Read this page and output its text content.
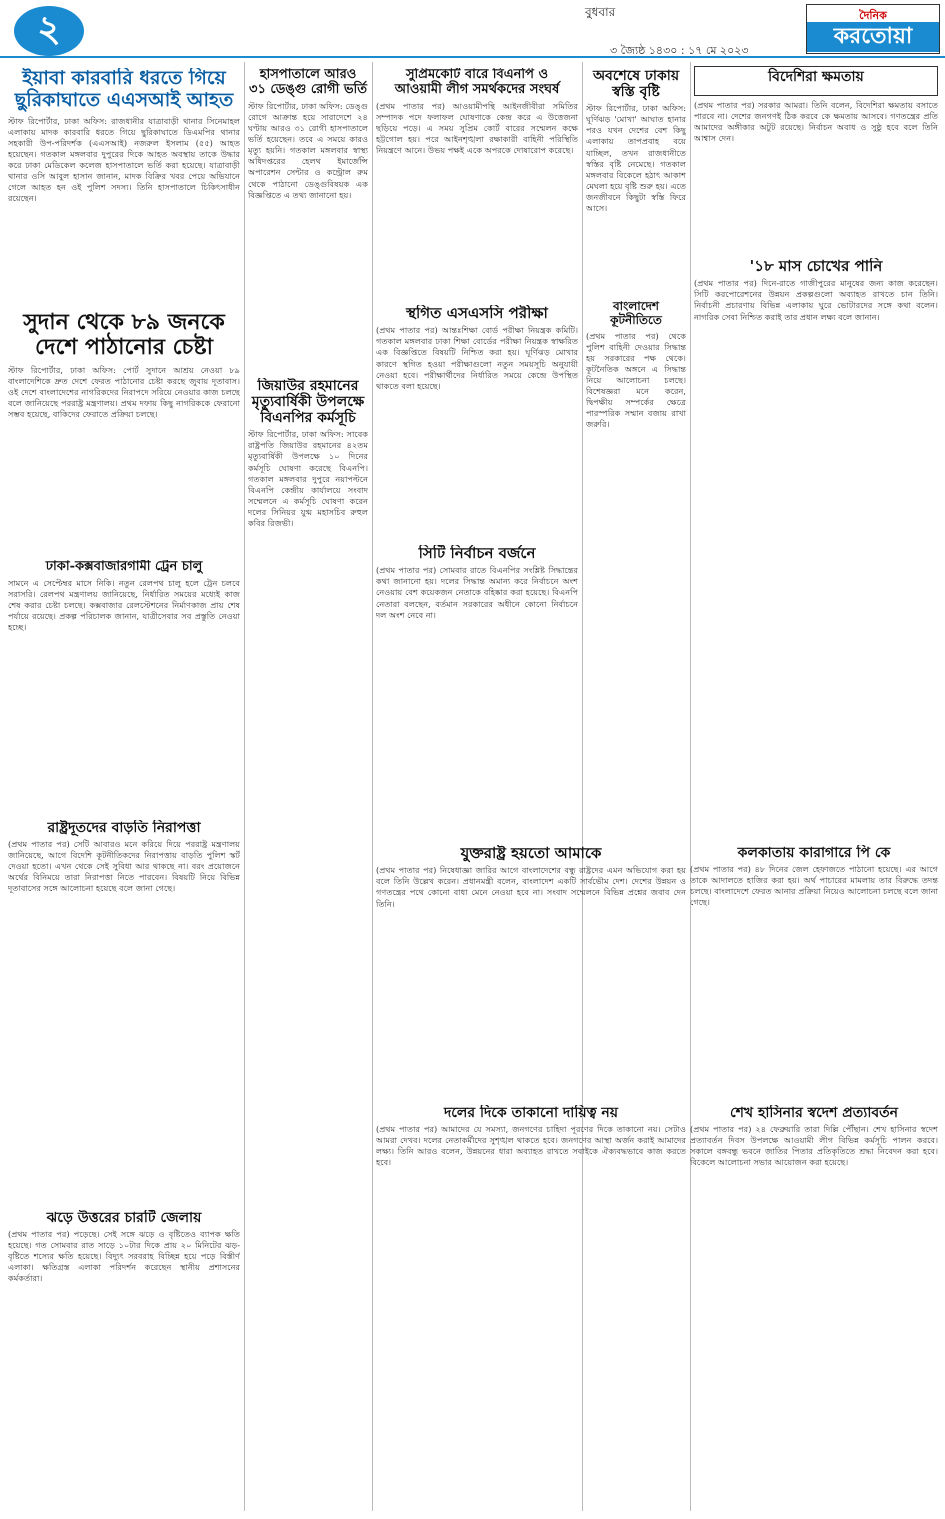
২	বুধবার
৩ জ্যৈষ্ঠ ১৪৩০ : ১৭ মে ২০২৩
দৈনিক
করতোয়া
ইয়াবা কারবারি ধরতে গিয়ে
ছুরিকাঘাতে এএসআই আহত
স্টাফ রিপোর্টার, ঢাকা অফিস: রাজধানীর যাত্রাবাড়ী থানার সিনেমাহল এলাকায় মাদক কারবারি ধরতে গিয়ে ছুরিকাঘাতে ডিএমপির থানার সহকারী উপ-পরিদর্শক (এএসআই) নজরুল ইসলাম (৫৫) আহত হয়েছেন। গতকাল মঙ্গলবার দুপুরের দিকে আহত অবস্থায় তাকে উদ্ধার করে ঢাকা মেডিকেল কলেজ হাসপাতালে ভর্তি করা হয়েছে। যাত্রাবাড়ী থানার ওসি আবুল হাসান জানান, মাদক বিক্রির খবর পেয়ে অভিযানে গেলে আহত হন ওই পুলিশ সদস্য। তিনি হাসপাতালে চিকিৎসাধীন রয়েছেন।
সুদান থেকে ৮৯ জনকে
দেশে পাঠানোর চেষ্টা
স্টাফ রিপোর্টার, ঢাকা অফিস: পোর্ট সুদানে আশ্রয় নেওয়া ৮৯ বাংলাদেশিকে দ্রুত দেশে ফেরত পাঠানোর চেষ্টা করছে জুবায় দূতাবাস। ওই দেশে বাংলাদেশের নাগরিকদের নিরাপদে সরিয়ে নেওয়ার কাজ চলছে বলে জানিয়েছে পররাষ্ট্র মন্ত্রণালয়। প্রথম দফায় কিছু নাগরিককে ফেরানো সম্ভব হয়েছে, বাকিদের ফেরাতে প্রক্রিয়া চলছে।
ঢাকা-কক্সবাজারগামী ট্রেন চালু
সামনে এ সেপ্টেম্বর মাসে নিকি। নতুন রেলপথ চালু হলে ট্রেন চলবে সরাসরি। রেলপথ মন্ত্রণালয় জানিয়েছে, নির্ধারিত সময়ের মধ্যেই কাজ শেষ করার চেষ্টা চলছে। কক্সবাজার রেলস্টেশনের নির্মাণকাজ প্রায় শেষ পর্যায়ে রয়েছে। প্রকল্প পরিচালক জানান, যাত্রীসেবার সব প্রস্তুতি নেওয়া হচ্ছে।
রাষ্ট্রদূতদের বাড়তি নিরাপত্তা
(প্রথম পাতার পর) সেটি আবারও মনে করিয়ে দিয়ে পররাষ্ট্র মন্ত্রণালয় জানিয়েছে, আগে বিদেশি কূটনীতিকদের নিরাপত্তায় বাড়তি পুলিশ স্কর্ট দেওয়া হতো। এখন থেকে সেই সুবিধা আর থাকছে না। বরং প্রয়োজনে অর্থের বিনিময়ে তারা নিরাপত্তা নিতে পারবেন। বিষয়টি নিয়ে বিভিন্ন দূতাবাসের সঙ্গে আলোচনা হয়েছে বলে জানা গেছে।
ঝড়ে উত্তরের চারটি জেলায়
(প্রথম পাতার পর) পড়েছে। সেই সঙ্গে ঝড়ে ও বৃষ্টিতেও ব্যাপক ক্ষতি হয়েছে। গত সোমবার রাত সাড়ে ১০টার দিকে প্রায় ২০ মিনিটের ঝড়-বৃষ্টিতে শস্যের ক্ষতি হয়েছে। বিদ্যুৎ সরবরাহ বিচ্ছিন্ন হয়ে পড়ে বিস্তীর্ণ এলাকা। ক্ষতিগ্রস্ত এলাকা পরিদর্শন করেছেন স্থানীয় প্রশাসনের কর্মকর্তারা।
হাসপাতালে আরও
৩১ ডেঙ্গু রোগী ভর্তি
স্টাফ রিপোর্টার, ঢাকা অফিস: ডেঙ্গু রোগে আক্রান্ত হয়ে সারাদেশে ২৪ ঘণ্টায় আরও ৩১ রোগী হাসপাতালে ভর্তি হয়েছেন। তবে এ সময়ে কারও মৃত্যু হয়নি। গতকাল মঙ্গলবার স্বাস্থ্য অধিদপ্তরের হেলথ ইমার্জেন্সি অপারেশন সেন্টার ও কন্ট্রোল রুম থেকে পাঠানো ডেঙ্গুবিষয়ক এক বিজ্ঞপ্তিতে এ তথ্য জানানো হয়।
জিয়াউর রহমানের
মৃত্যুবার্ষিকী উপলক্ষে
বিএনপির কর্মসূচি
স্টাফ রিপোর্টার, ঢাকা অফিস: সাবেক রাষ্ট্রপতি জিয়াউর রহমানের ৪২তম মৃত্যুবার্ষিকী উপলক্ষে ১০ দিনের কর্মসূচি ঘোষণা করেছে বিএনপি। গতকাল মঙ্গলবার দুপুরে নয়াপল্টনে বিএনপি কেন্দ্রীয় কার্যালয়ে সংবাদ সম্মেলনে এ কর্মসূচি ঘোষণা করেন দলের সিনিয়র যুগ্ম মহাসচিব রুহুল কবির রিজভী।
সুপ্রিমকোর্ট বারে বিএনপি ও
আওয়ামী লীগ সমর্থকদের সংঘর্ষ
(প্রথম পাতার পর) আওয়ামীপন্থি আইনজীবীরা সমিতির সম্পাদক পদে ফলাফল ঘোষণাকে কেন্দ্র করে এ উত্তেজনা ছড়িয়ে পড়ে। এ সময় সুপ্রিম কোর্ট বারের সম্মেলন কক্ষে হট্টগোল হয়। পরে আইনশৃঙ্খলা রক্ষাকারী বাহিনী পরিস্থিতি নিয়ন্ত্রণে আনে। উভয় পক্ষই একে অপরকে দোষারোপ করেছে।
স্থগিত এসএসসি পরীক্ষা
(প্রথম পাতার পর) আন্তঃশিক্ষা বোর্ড পরীক্ষা নিয়ন্ত্রক কমিটি। গতকাল মঙ্গলবার ঢাকা শিক্ষা বোর্ডের পরীক্ষা নিয়ন্ত্রক স্বাক্ষরিত এক বিজ্ঞপ্তিতে বিষয়টি নিশ্চিত করা হয়। ঘূর্ণিঝড় মোখার কারণে স্থগিত হওয়া পরীক্ষাগুলো নতুন সময়সূচি অনুযায়ী নেওয়া হবে। পরীক্ষার্থীদের নির্ধারিত সময়ে কেন্দ্রে উপস্থিত থাকতে বলা হয়েছে।
সিটি নির্বাচন বর্জনে
(প্রথম পাতার পর) সোমবার রাতে বিএনপির সংশ্লিষ্ট সিদ্ধান্তের কথা জানানো হয়। দলের সিদ্ধান্ত অমান্য করে নির্বাচনে অংশ নেওয়ায় বেশ কয়েকজন নেতাকে বহিষ্কার করা হয়েছে। বিএনপি নেতারা বলছেন, বর্তমান সরকারের অধীনে কোনো নির্বাচনে দল অংশ নেবে না।
যুক্তরাষ্ট্র হয়তো আমাকে
(প্রথম পাতার পর) নিষেধাজ্ঞা জারির আগে বাংলাদেশের বন্ধু রাষ্ট্রদের এমন অভিযোগ করা হয় বলে তিনি উল্লেখ করেন। প্রধানমন্ত্রী বলেন, বাংলাদেশ একটি সার্বভৌম দেশ। দেশের উন্নয়ন ও গণতন্ত্রের পথে কোনো বাধা মেনে নেওয়া হবে না। সংবাদ সম্মেলনে বিভিন্ন প্রশ্নের জবাব দেন তিনি।
দলের দিকে তাকানো দায়িত্ব নয়
(প্রথম পাতার পর) আমাদের যে সমস্যা, জনগণের চাহিদা পূরণের দিকে তাকানো নয়। সেটাও আমরা দেখব। দলের নেতাকর্মীদের সুশৃঙ্খল থাকতে হবে। জনগণের আস্থা অর্জন করাই আমাদের লক্ষ্য। তিনি আরও বলেন, উন্নয়নের ধারা অব্যাহত রাখতে সবাইকে ঐক্যবদ্ধভাবে কাজ করতে হবে।
অবশেষে ঢাকায়
স্বস্তি বৃষ্টি
স্টাফ রিপোর্টার, ঢাকা অফিস: ঘূর্ণিঝড় 'মোখা' আঘাত হানার পরও যখন দেশের বেশ কিছু এলাকায় তাপপ্রবাহ বয়ে যাচ্ছিল, তখন রাজধানীতে স্বস্তির বৃষ্টি নেমেছে। গতকাল মঙ্গলবার বিকেলে হঠাৎ আকাশ মেঘলা হয়ে বৃষ্টি শুরু হয়। এতে জনজীবনে কিছুটা স্বস্তি ফিরে আসে।
বাংলাদেশ কূটনীতিতে
(প্রথম পাতার পর) থেকে পুলিশ বাহিনী দেওয়ার সিদ্ধান্ত হয় সরকারের পক্ষ থেকে। কূটনৈতিক অঙ্গনে এ সিদ্ধান্ত নিয়ে আলোচনা চলছে। বিশেষজ্ঞরা মনে করেন, দ্বিপক্ষীয় সম্পর্কের ক্ষেত্রে পারস্পরিক সম্মান বজায় রাখা জরুরি।
বিদেশিরা ক্ষমতায়
(প্রথম পাতার পর) সরকার আমরা। তিনি বলেন, বিদেশিরা ক্ষমতায় বসাতে পারবে না। দেশের জনগণই ঠিক করবে কে ক্ষমতায় আসবে। গণতন্ত্রের প্রতি আমাদের অঙ্গীকার অটুট রয়েছে। নির্বাচন অবাধ ও সুষ্ঠু হবে বলে তিনি আশ্বাস দেন।
'১৮ মাস চোখের পানি
(প্রথম পাতার পর) দিনে-রাতে গাজীপুরের মানুষের জন্য কাজ করেছেন। সিটি করপোরেশনের উন্নয়ন প্রকল্পগুলো অব্যাহত রাখতে চান তিনি। নির্বাচনী প্রচারণায় বিভিন্ন এলাকায় ঘুরে ভোটারদের সঙ্গে কথা বলেন। নাগরিক সেবা নিশ্চিত করাই তার প্রধান লক্ষ্য বলে জানান।
কলকাতায় কারাগারে পি কে
(প্রথম পাতার পর) ৪৮ দিনের জেল হেফাজতে পাঠানো হয়েছে। এর আগে তাকে আদালতে হাজির করা হয়। অর্থ পাচারের মামলায় তার বিরুদ্ধে তদন্ত চলছে। বাংলাদেশে ফেরত আনার প্রক্রিয়া নিয়েও আলোচনা চলছে বলে জানা গেছে।
শেখ হাসিনার স্বদেশ প্রত্যাবর্তন
(প্রথম পাতার পর) ২৪ ফেব্রুয়ারি তারা দিল্লি পৌঁছান। শেখ হাসিনার স্বদেশ প্রত্যাবর্তন দিবস উপলক্ষে আওয়ামী লীগ বিভিন্ন কর্মসূচি পালন করবে। সকালে বঙ্গবন্ধু ভবনে জাতির পিতার প্রতিকৃতিতে শ্রদ্ধা নিবেদন করা হবে। বিকেলে আলোচনা সভার আয়োজন করা হয়েছে।
